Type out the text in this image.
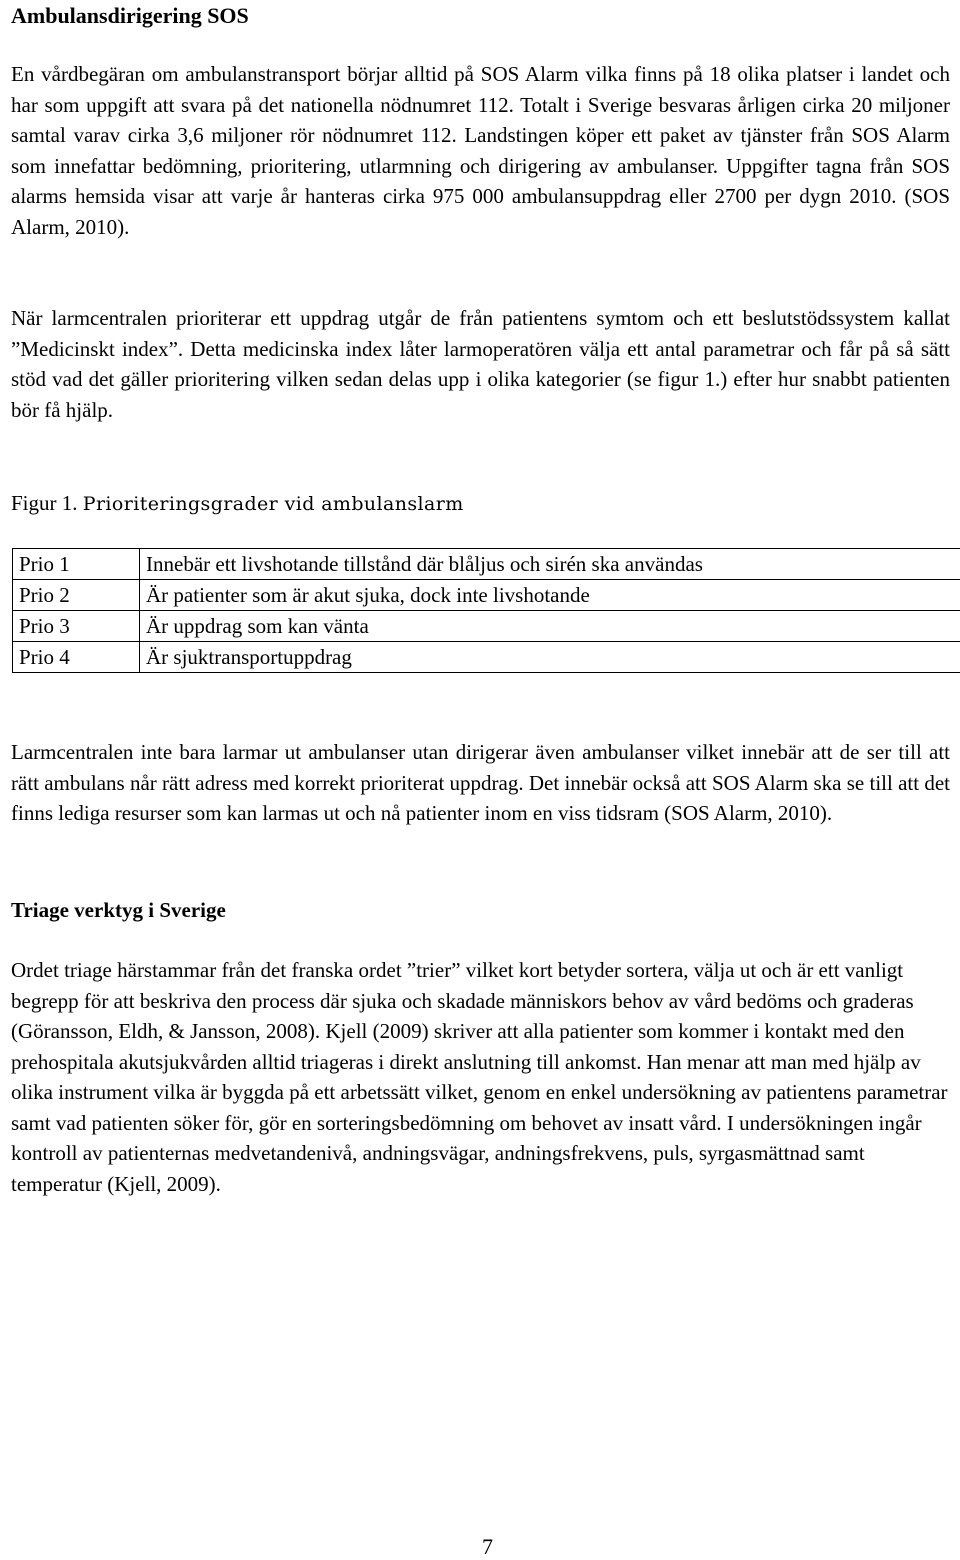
Ambulansdirigering SOS

En vårdbegäran om ambulanstransport börjar alltid på SOS Alarm vilka finns på 18 olika platser i landet och har som uppgift att svara på det nationella nödnumret 112. Totalt i Sverige besvaras årligen cirka 20 miljoner samtal varav cirka 3,6 miljoner rör nödnumret 112. Landstingen köper ett paket av tjänster från SOS Alarm som innefattar bedömning, prioritering, utlarmning och dirigering av ambulanser. Uppgifter tagna från SOS alarms hemsida visar att varje år hanteras cirka 975 000 ambulansuppdrag eller 2700 per dygn 2010. (SOS Alarm, 2010).

När larmcentralen prioriterar ett uppdrag utgår de från patientens symtom och ett beslutstödssystem kallat ”Medicinskt index”. Detta medicinska index låter larmoperatören välja ett antal parametrar och får på så sätt stöd vad det gäller prioritering vilken sedan delas upp i olika kategorier (se figur 1.) efter hur snabbt patienten bör få hjälp.

Figur 1. Prioriteringsgrader vid ambulanslarm
Prio 1	Innebär ett livshotande tillstånd där blåljus och sirén ska användas
Prio 2	Är patienter som är akut sjuka, dock inte livshotande
Prio 3	Är uppdrag som kan vänta
Prio 4	Är sjuktransportuppdrag

Larmcentralen inte bara larmar ut ambulanser utan dirigerar även ambulanser vilket innebär att de ser till att rätt ambulans når rätt adress med korrekt prioriterat uppdrag. Det innebär också att SOS Alarm ska se till att det finns lediga resurser som kan larmas ut och nå patienter inom en viss tidsram (SOS Alarm, 2010).

Triage verktyg i Sverige

Ordet triage härstammar från det franska ordet ”trier” vilket kort betyder sortera, välja ut och är ett vanligt begrepp för att beskriva den process där sjuka och skadade människors behov av vård bedöms och graderas (Göransson, Eldh, & Jansson, 2008). Kjell (2009) skriver att alla patienter som kommer i kontakt med den prehospitala akutsjukvården alltid triageras i direkt anslutning till ankomst. Han menar att man med hjälp av olika instrument vilka är byggda på ett arbetssätt vilket, genom en enkel undersökning av patientens parametrar samt vad patienten söker för, gör en sorteringsbedömning om behovet av insatt vård. I undersökningen ingår kontroll av patienternas medvetandenivå, andningsvägar, andningsfrekvens, puls, syrgasmättnad samt temperatur (Kjell, 2009).

7
